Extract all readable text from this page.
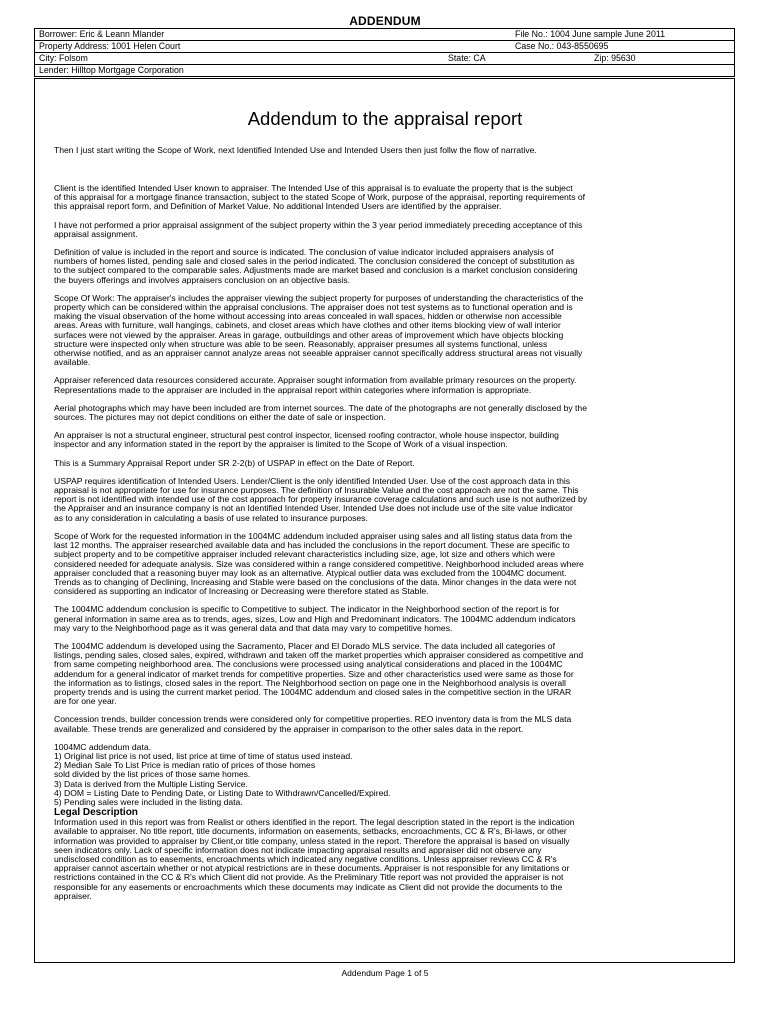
ADDENDUM
Borrower: Eric & Leann Mlander	File No.: 1004 June sample June 2011
Property Address: 1001 Helen Court	Case No.: 043-8550695
City: Folsom	State: CA	Zip: 95630
Lender: Hilltop Mortgage Corporation
Addendum to the appraisal report
Then I just start writing the Scope of Work, next Identified Intended Use and Intended Users then just follw the flow of narrative.

Client is the identified Intended User known to appraiser. The Intended Use of this appraisal is to evaluate the property that is the subject
of this appraisal for a mortgage finance transaction, subject to the stated Scope of Work, purpose of the appraisal, reporting requirements of
this appraisal report form, and Definition of Market Value. No additional Intended Users are identified by the appraiser.

I have not performed a prior appraisal assignment of the subject property within the 3 year period immediately preceding acceptance of this
appraisal assignment.

Definition of value is included in the report and source is indicated. The conclusion of value indicator included appraisers analysis of
numbers of homes listed, pending sale and closed sales in the period indicated. The conclusion considered the concept of substitution as
to the subject compared to the comparable sales. Adjustments made are market based and conclusion is a market conclusion considering
the buyers offerings and involves appraisers conclusion on an objective basis.

Scope Of Work: The appraiser's includes the appraiser viewing the subject property for purposes of understanding the characteristics of the
property which can be considered within the appraisal conclusions. The appraiser does not test systems as to functional operation and is
making the visual observation of the home without accessing into areas concealed in wall spaces, hidden or otherwise non accessible
areas. Areas with furniture, wall hangings, cabinets, and closet areas which have clothes and other items blocking view of wall interior
surfaces were not viewed by the appraiser. Areas in garage, outbuildings and other areas of improvement which have objects blocking
structure were inspected only when structure was able to be seen. Reasonably, appraiser presumes all systems functional, unless
otherwise notified, and as an appraiser cannot analyze areas not seeable appraiser cannot specifically address structural areas not visually
available.

Appraiser referenced data resources considered accurate. Appraiser sought information from available primary resources on the property.
Representations made to the appraiser are included in the appraisal report within categories where information is appropriate.

Aerial photographs which may have been included are from internet sources. The date of the photographs are not generally disclosed by the
sources. The pictures may not depict conditions on either the date of sale or inspection.

An appraiser is not a structural engineer, structural pest control inspector, licensed roofing contractor, whole house inspector, building
inspector and any information stated in the report by the appraiser is limited to the Scope of Work of a visual inspection.

This is a Summary Appraisal Report under SR 2-2(b) of USPAP in effect on the Date of Report.

USPAP requires identification of Intended Users. Lender/Client is the only identified Intended User. Use of the cost approach data in this
appraisal is not appropriate for use for insurance purposes. The definition of Insurable Value and the cost approach are not the same. This
report is not identified with intended use of the cost approach for property insurance coverage calculations and such use is not authorized by
the Appraiser and an insurance company is not an Identified Intended User. Intended Use does not include use of the site value indicator
as to any consideration in calculating a basis of use related to insurance purposes.

Scope of Work for the requested information in the 1004MC addendum included appraiser using sales and all listing status data from the
last 12 months. The appraiser researched available data and has included the conclusions in the report document. These are specific to
subject property and to be competitive appraiser included relevant characteristics including size, age, lot size and others which were
considered needed for adequate analysis. Size was considered within a range considered competitive. Neighborhood included areas where
appraiser concluded that a reasoning buyer may look as an alternative. Atypical outlier data was excluded from the 1004MC document.
Trends as to changing of Declining, Increasing and Stable were based on the conclusions of the data. Minor changes in the data were not
considered as supporting an indicator of Increasing or Decreasing were therefore stated as Stable.

The 1004MC addendum conclusion is specific to Competitive to subject. The indicator in the Neighborhood section of the report is for
general information in same area as to trends, ages, sizes, Low and High and Predominant indicators. The 1004MC addendum indicators
may vary to the Neighborhood page as it was general data and that data may vary to competitive homes.

The 1004MC addendum is developed using the Sacramento, Placer and El Dorado MLS service. The data included all categories of
listings, pending sales, closed sales, expired, withdrawn and taken off the market properties which appraiser considered as competitive and
from same competing neighborhood area. The conclusions were processed using analytical considerations and placed in the 1004MC
addendum for a general indicator of market trends for competitive properties. Size and other characteristics used were same as those for
the information as to listings, closed sales in the report. The Neighborhood section on page one in the Neighborhood analysis is overall
property trends and is using the current market period. The 1004MC addendum and closed sales in the competitive section in the URAR
are for one year.

Concession trends, builder concession trends were considered only for competitive properties. REO inventory data is from the MLS data
available. These trends are generalized and considered by the appraiser in comparison to the other sales data in the report.

1004MC addendum data.
1) Original list price is not used, list price at time of time of status used instead.
2) Median Sale To List Price is median ratio of prices of those homes
sold divided by the list prices of those same homes.
3) Data is derived from the Multiple Listing Service.
4) DOM = Listing Date to Pending Date, or Listing Date to Withdrawn/Cancelled/Expired.
5) Pending sales were included in the listing data.

Legal Description

Information used in this report was from Realist or others identified in the report. The legal description stated in the report is the indication
available to appraiser. No title report, title documents, information on easements, setbacks, encroachments, CC & R's, Bi-laws, or other
information was provided to appraiser by Client,or title company, unless stated in the report. Therefore the appraisal is based on visually
seen indicators only. Lack of specific information does not indicate impacting appraisal results and appraiser did not observe any
undisclosed condition as to easements, encroachments which indicated any negative conditions. Unless appraiser reviews CC & R's
appraiser cannot ascertain whether or not atypical restrictions are in these documents. Appraiser is not responsible for any limitations or
restrictions contained in the CC & R's which Client did not provide. As the Preliminary Title report was not provided the appraiser is not
responsible for any easements or encroachments which these documents may indicate as Client did not provide the documents to the
appraiser.

Addendum Page 1 of 5
